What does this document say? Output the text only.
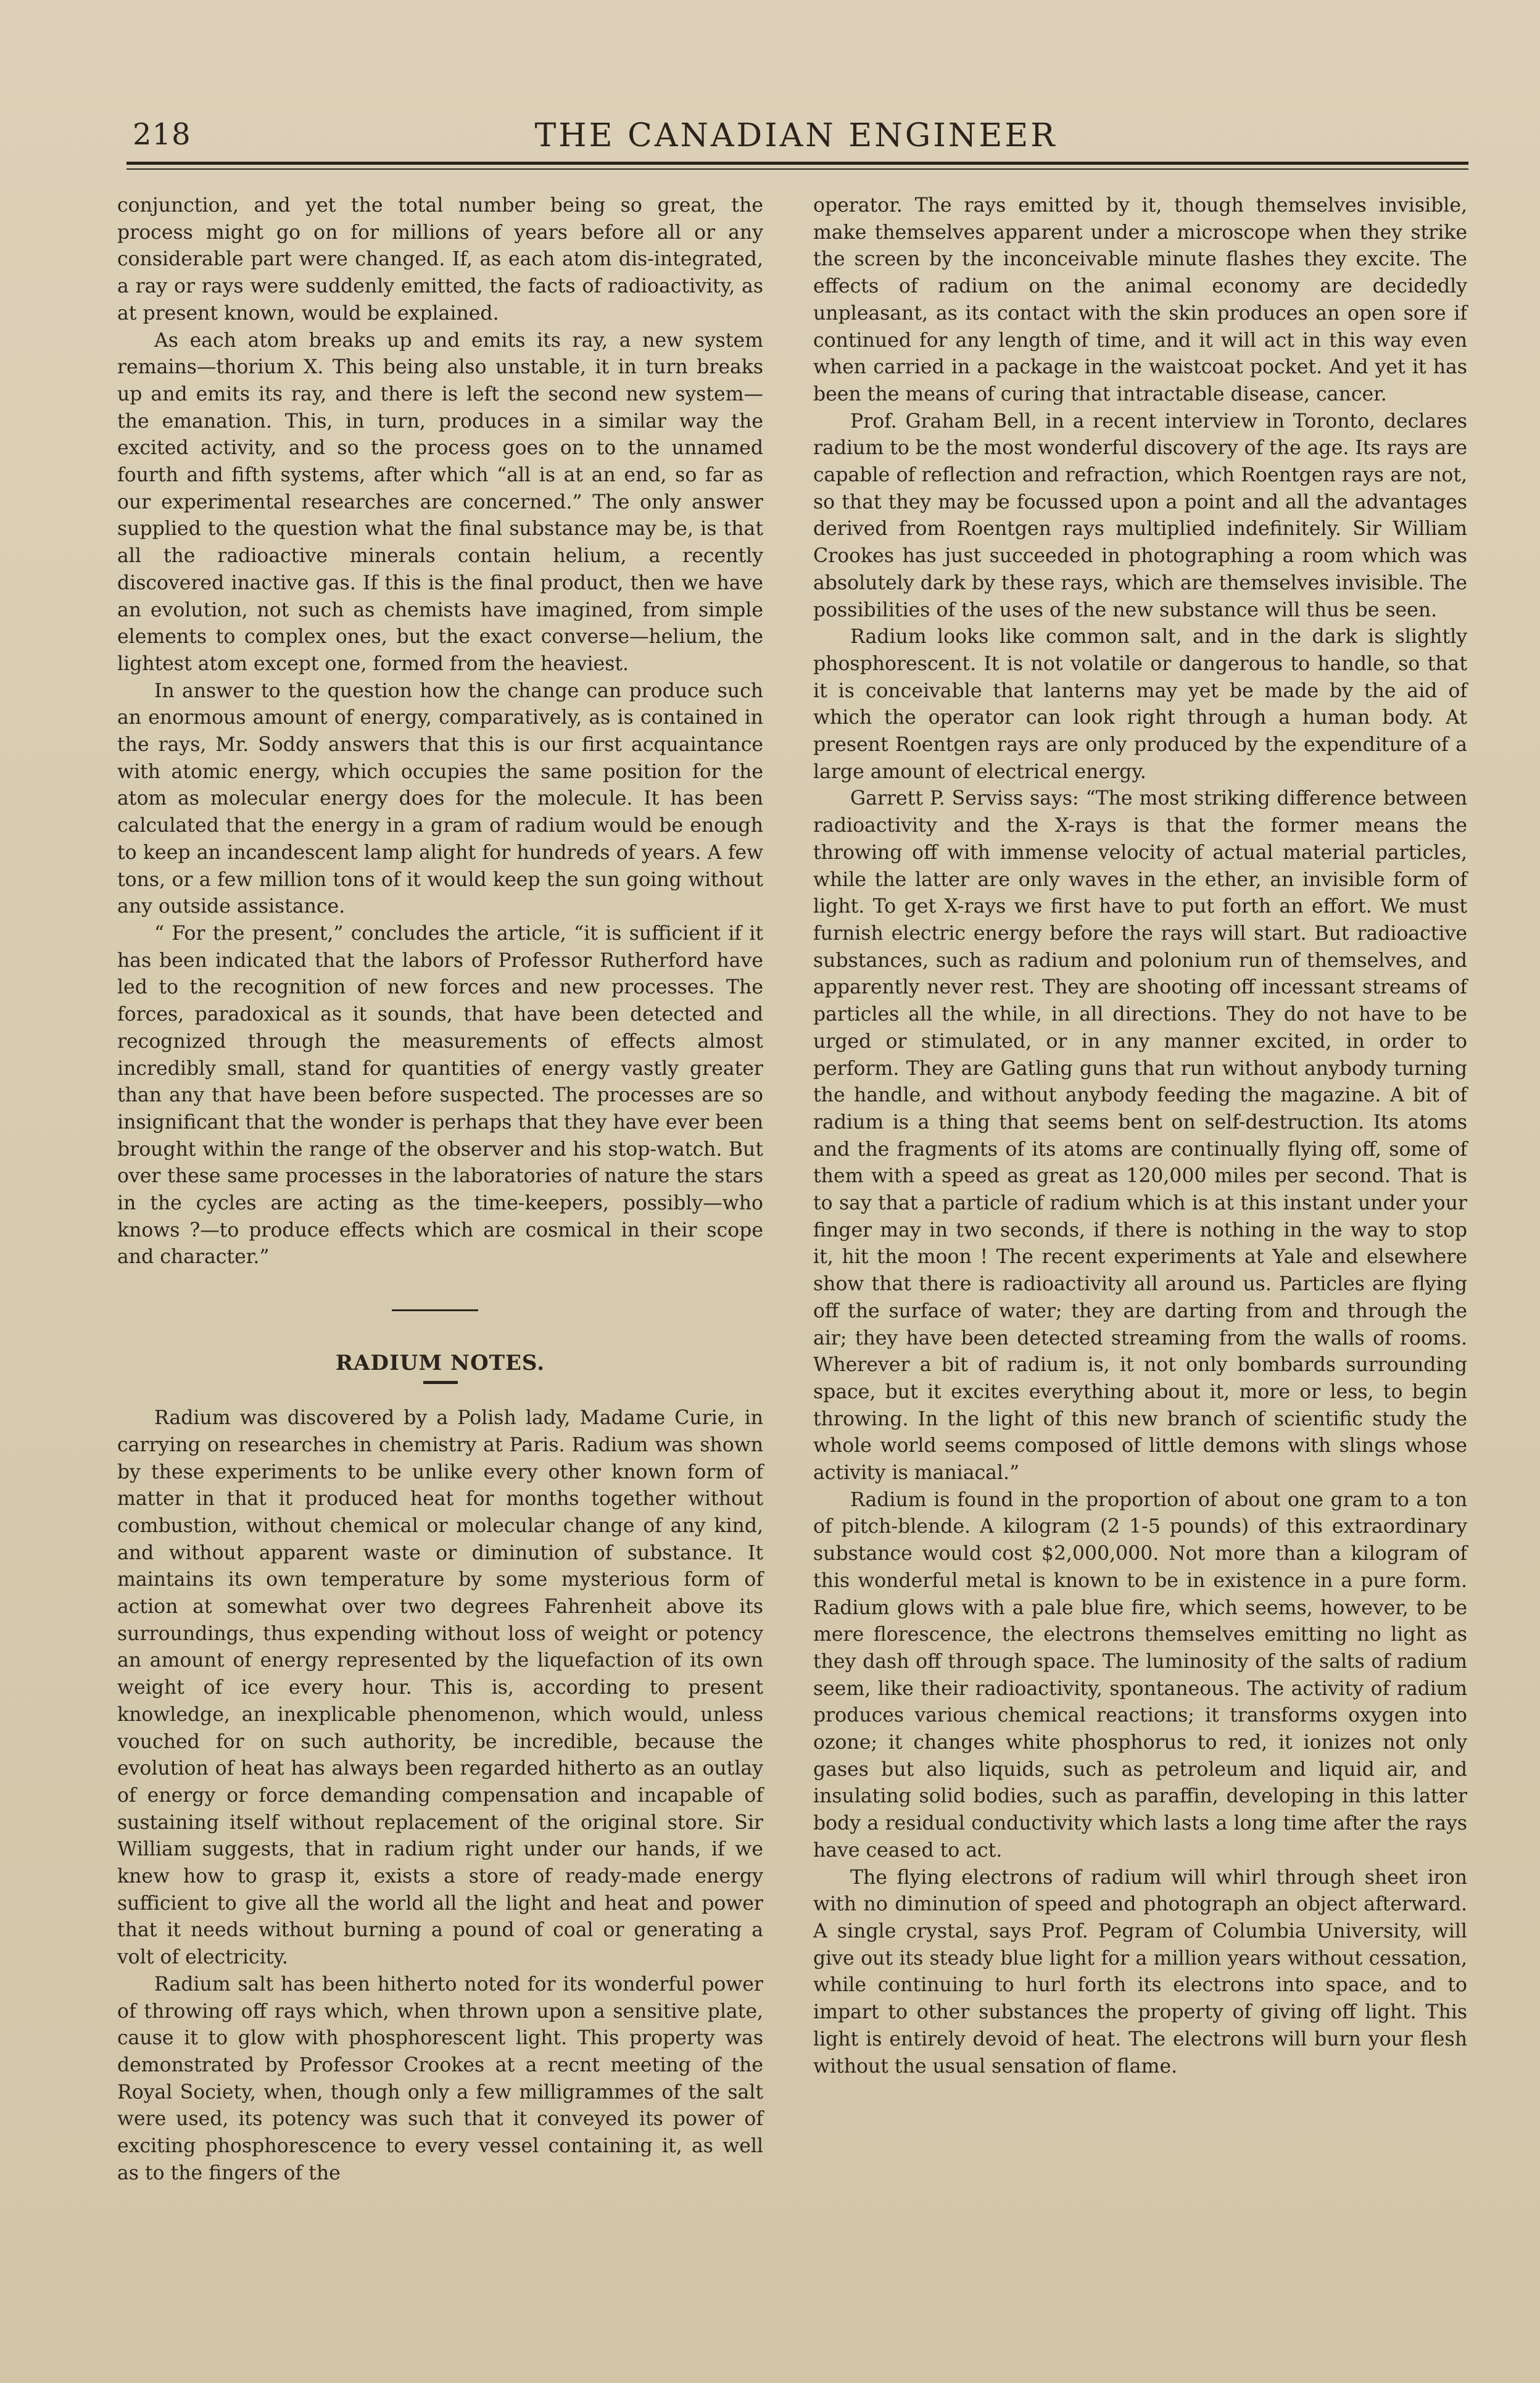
218	THE CANADIAN ENGINEER

conjunction, and yet the total number being so great, the process might go on for millions of years before all or any considerable part were changed. If, as each atom dis-integrated, a ray or rays were suddenly emitted, the facts of radioactivity, as at present known, would be explained.

As each atom breaks up and emits its ray, a new system remains—thorium X. This being also unstable, it in turn breaks up and emits its ray, and there is left the second new system—the emanation. This, in turn, produces in a similar way the excited activity, and so the process goes on to the unnamed fourth and fifth systems, after which “all is at an end, so far as our experimental researches are concerned.” The only answer supplied to the question what the final substance may be, is that all the radioactive minerals contain helium, a recently discovered inactive gas. If this is the final product, then we have an evolution, not such as chemists have imagined, from simple elements to complex ones, but the exact converse—helium, the lightest atom except one, formed from the heaviest.

In answer to the question how the change can produce such an enormous amount of energy, comparatively, as is contained in the rays, Mr. Soddy answers that this is our first acquaintance with atomic energy, which occupies the same position for the atom as molecular energy does for the molecule. It has been calculated that the energy in a gram of radium would be enough to keep an incandescent lamp alight for hundreds of years. A few tons, or a few million tons of it would keep the sun going without any outside assistance.

“ For the present,” concludes the article, “it is sufficient if it has been indicated that the labors of Professor Rutherford have led to the recognition of new forces and new processes. The forces, paradoxical as it sounds, that have been detected and recognized through the measurements of effects almost incredibly small, stand for quantities of energy vastly greater than any that have been before suspected. The processes are so insignificant that the wonder is perhaps that they have ever been brought within the range of the observer and his stop-watch. But over these same processes in the laboratories of nature the stars in the cycles are acting as the time-keepers, possibly—who knows ?—to produce effects which are cosmical in their scope and character.”

RADIUM NOTES.

Radium was discovered by a Polish lady, Madame Curie, in carrying on researches in chemistry at Paris. Radium was shown by these experiments to be unlike every other known form of matter in that it produced heat for months together without combustion, without chemical or molecular change of any kind, and without apparent waste or diminution of substance. It maintains its own temperature by some mysterious form of action at somewhat over two degrees Fahrenheit above its surroundings, thus expending without loss of weight or potency an amount of energy represented by the liquefaction of its own weight of ice every hour. This is, according to present knowledge, an inexplicable phenomenon, which would, unless vouched for on such authority, be incredible, because the evolution of heat has always been regarded hitherto as an outlay of energy or force demanding compensation and incapable of sustaining itself without replacement of the original store. Sir William suggests, that in radium right under our hands, if we knew how to grasp it, exists a store of ready-made energy sufficient to give all the world all the light and heat and power that it needs without burning a pound of coal or generating a volt of electricity.

Radium salt has been hitherto noted for its wonderful power of throwing off rays which, when thrown upon a sensitive plate, cause it to glow with phosphorescent light. This property was demonstrated by Professor Crookes at a recnt meeting of the Royal Society, when, though only a few milligrammes of the salt were used, its potency was such that it conveyed its power of exciting phosphorescence to every vessel containing it, as well as to the fingers of the

operator. The rays emitted by it, though themselves invisible, make themselves apparent under a microscope when they strike the screen by the inconceivable minute flashes they excite. The effects of radium on the animal economy are decidedly unpleasant, as its contact with the skin produces an open sore if continued for any length of time, and it will act in this way even when carried in a package in the waistcoat pocket. And yet it has been the means of curing that intractable disease, cancer.

Prof. Graham Bell, in a recent interview in Toronto, declares radium to be the most wonderful discovery of the age. Its rays are capable of reflection and refraction, which Roentgen rays are not, so that they may be focussed upon a point and all the advantages derived from Roentgen rays multiplied indefinitely. Sir William Crookes has just succeeded in photographing a room which was absolutely dark by these rays, which are themselves invisible. The possibilities of the uses of the new substance will thus be seen.

Radium looks like common salt, and in the dark is slightly phosphorescent. It is not volatile or dangerous to handle, so that it is conceivable that lanterns may yet be made by the aid of which the operator can look right through a human body. At present Roentgen rays are only produced by the expenditure of a large amount of electrical energy.

Garrett P. Serviss says: “The most striking difference between radioactivity and the X-rays is that the former means the throwing off with immense velocity of actual material particles, while the latter are only waves in the ether, an invisible form of light. To get X-rays we first have to put forth an effort. We must furnish electric energy before the rays will start. But radioactive substances, such as radium and polonium run of themselves, and apparently never rest. They are shooting off incessant streams of particles all the while, in all directions. They do not have to be urged or stimulated, or in any manner excited, in order to perform. They are Gatling guns that run without anybody turning the handle, and without anybody feeding the magazine. A bit of radium is a thing that seems bent on self-destruction. Its atoms and the fragments of its atoms are continually flying off, some of them with a speed as great as 120,000 miles per second. That is to say that a particle of radium which is at this instant under your finger may in two seconds, if there is nothing in the way to stop it, hit the moon ! The recent experiments at Yale and elsewhere show that there is radioactivity all around us. Particles are flying off the surface of water; they are darting from and through the air; they have been detected streaming from the walls of rooms. Wherever a bit of radium is, it not only bombards surrounding space, but it excites everything about it, more or less, to begin throwing. In the light of this new branch of scientific study the whole world seems composed of little demons with slings whose activity is maniacal.”

Radium is found in the proportion of about one gram to a ton of pitch-blende. A kilogram (2 1-5 pounds) of this extraordinary substance would cost $2,000,000. Not more than a kilogram of this wonderful metal is known to be in existence in a pure form. Radium glows with a pale blue fire, which seems, however, to be mere florescence, the electrons themselves emitting no light as they dash off through space. The luminosity of the salts of radium seem, like their radioactivity, spontaneous. The activity of radium produces various chemical reactions; it transforms oxygen into ozone; it changes white phosphorus to red, it ionizes not only gases but also liquids, such as petroleum and liquid air, and insulating solid bodies, such as paraffin, developing in this latter body a residual conductivity which lasts a long time after the rays have ceased to act.

The flying electrons of radium will whirl through sheet iron with no diminution of speed and photograph an object afterward. A single crystal, says Prof. Pegram of Columbia University, will give out its steady blue light for a million years without cessation, while continuing to hurl forth its electrons into space, and to impart to other substances the property of giving off light. This light is entirely devoid of heat. The electrons will burn your flesh without the usual sensation of flame.
